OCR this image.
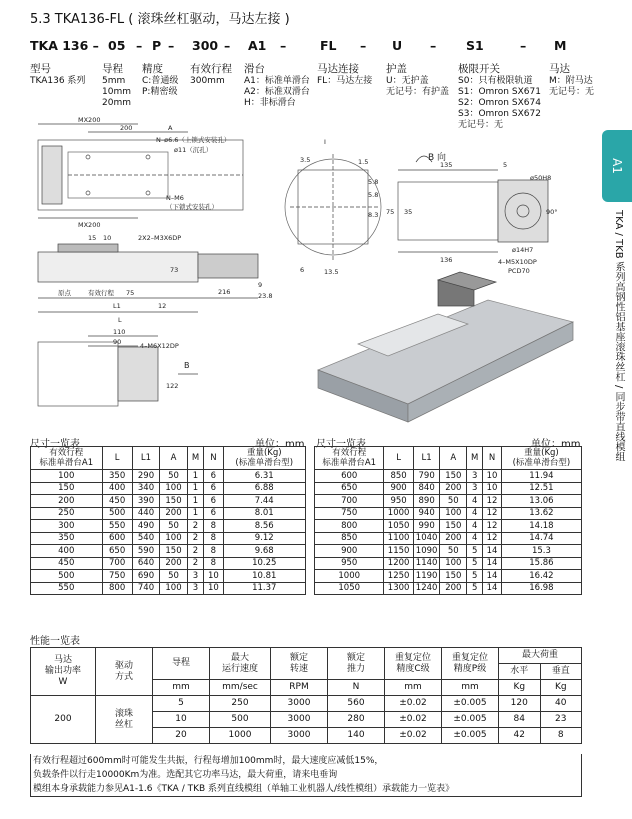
5.3 TKA136-FL ( 滚珠丝杠驱动，马达左接 )
TKA 136 – 05 – P – 300 – A1 –	FL – U – S1	– M
型号
TKA136 系列
导程
5mm
10mm
20mm
精度
C:普通级
P:精密级
有效行程
300mm
滑台
A1：标准单滑台
A2：标准双滑台
H：非标滑台
马达连接
FL：马达左接
护盖
U：无护盖
无记号：有护盖
极限开关
S0：只有极限轨道
S1：Omron SX671
S2：Omron SX674
S3：Omron SX672
无记号：无
马达
M：附马达
无记号：无
A1
TKA / TKB 系列高钢性铝基座滚珠丝杠 / 同步带直线模组
MX200
200	A
N–ø6.6（上锁式安装孔）
ø11（沉孔）
N–M6
（下锁式安装孔）
MX200
15 10	2X2–M3X6DP
原点	有效行程 75
L1	12
L
216
73
9
23.8
110
90	4–M6X12DP
122
B
I
3.5	1.5
5.8
5.8
8.3
6	13.5
B 向
135	5
ø50H8
75 35	90°
136
ø14H7
4–M5X10DP
PCD70
尺寸一览表	单位：mm 尺寸一览表	单位：mm
有效行程
标准单滑台A1	L	L1	A	M	N	重量(Kg)
(标准单滑台型)
100	350	290	50	1	6	6.31
150	400	340	100	1	6	6.88
200	450	390	150	1	6	7.44
250	500	440	200	1	6	8.01
300	550	490	50	2	8	8.56
350	600	540	100	2	8	9.12
400	650	590	150	2	8	9.68
450	700	640	200	2	8	10.25
500	750	690	50	3	10	10.81
550	800	740	100	3	10	11.37
有效行程
标准单滑台A1	L	L1	A	M	N	重量(Kg)
(标准单滑台型)
600	850	790	150	3	10	11.94
650	900	840	200	3	10	12.51
700	950	890	50	4	12	13.06
750	1000	940	100	4	12	13.62
800	1050	990	150	4	12	14.18
850	1100	1040	200	4	12	14.74
900	1150	1090	50	5	14	15.3
950	1200	1140	100	5	14	15.86
1000	1250	1190	150	5	14	16.42
1050	1300	1240	200	5	14	16.98
性能一览表
马达
输出功率
W	驱动
方式	导程	最大
运行速度	额定
转速	额定
推力	重复定位
精度C级	重复定位
精度P级	最大荷重	
								水平	垂直
		mm	mm/sec	RPM	N	mm	mm	Kg	Kg
200	滚珠
丝杠	5	250	3000	560	±0.02	±0.005	120	40
		10	500	3000	280	±0.02	±0.005	84	23
		20	1000	3000	140	±0.02	±0.005	42	8
有效行程超过600mm时可能发生共振，行程每增加100mm时，最大速度应减低15%，
负载条件以行走10000Km为准。选配其它功率马达，最大荷重，请来电垂询
模组本身承载能力参见A1-1.6《TKA / TKB 系列直线模组（单轴工业机器人/线性模组）承载能力一览表》
